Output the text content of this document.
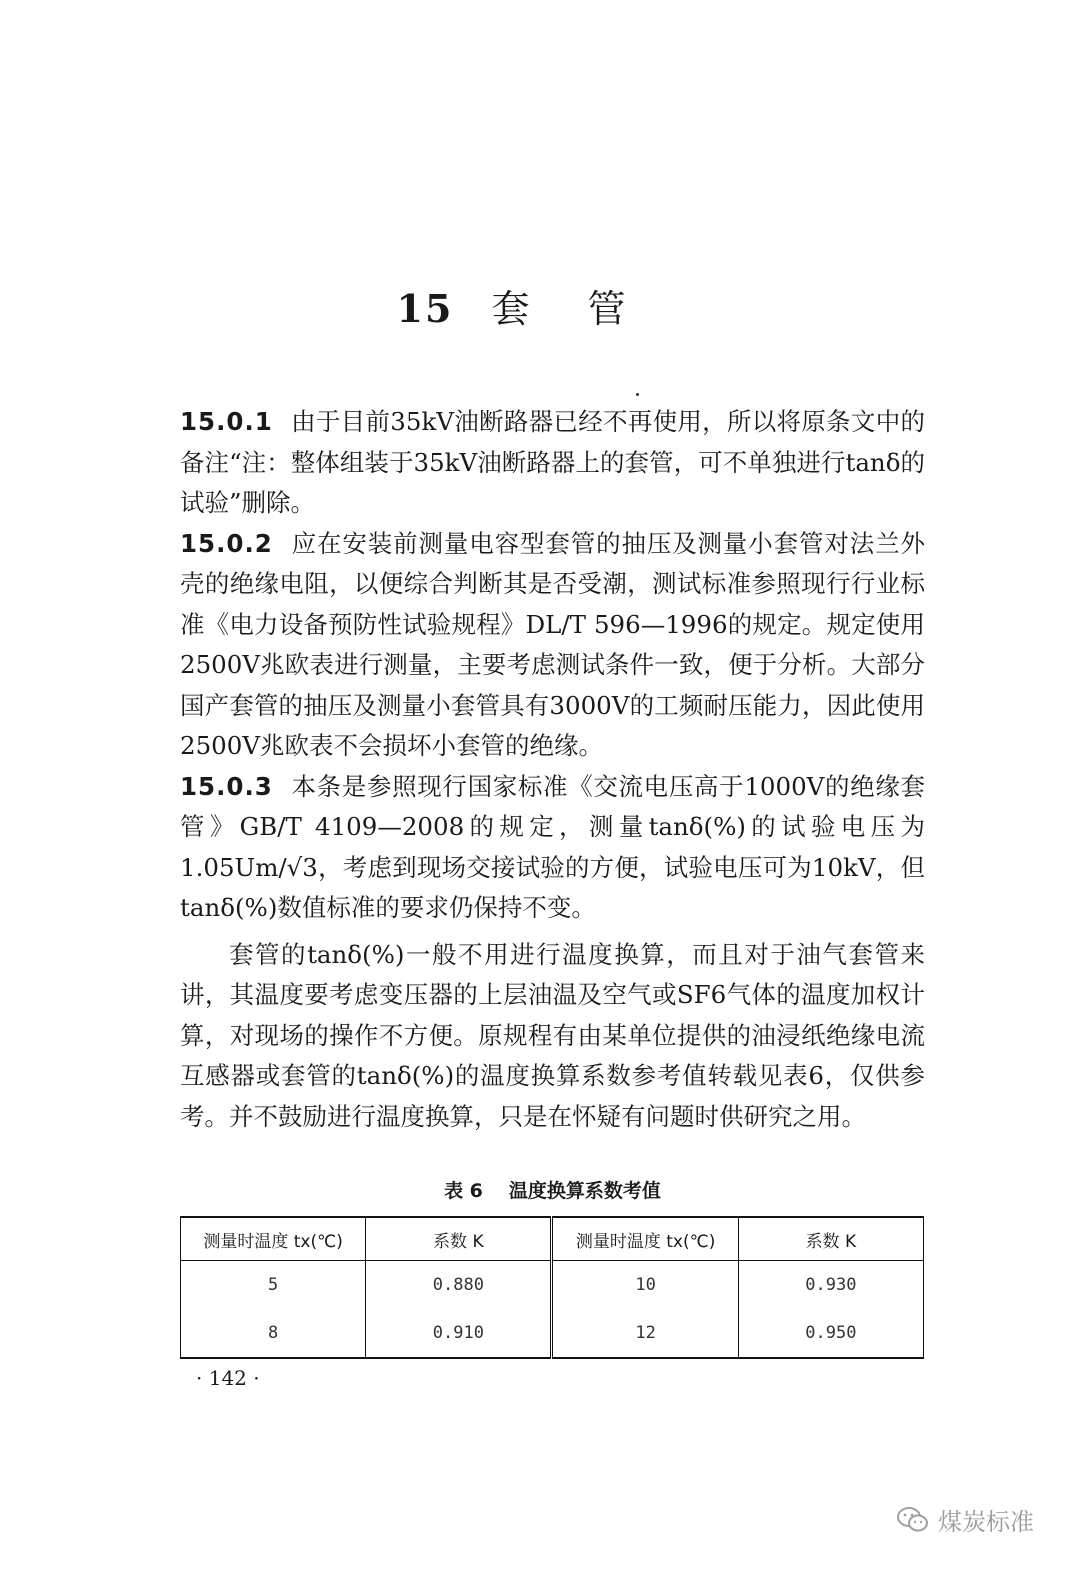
15 套管

15.0.1 由于目前35kV油断路器已经不再使用，所以将原条文中的备注“注：整体组装于35kV油断路器上的套管，可不单独进行tanδ的试验”删除。

15.0.2 应在安装前测量电容型套管的抽压及测量小套管对法兰外壳的绝缘电阻，以便综合判断其是否受潮，测试标准参照现行行业标准《电力设备预防性试验规程》DL/T 596—1996的规定。规定使用2500V兆欧表进行测量，主要考虑测试条件一致，便于分析。大部分国产套管的抽压及测量小套管具有3000V的工频耐压能力，因此使用2500V兆欧表不会损坏小套管的绝缘。

15.0.3 本条是参照现行国家标准《交流电压高于1000V的绝缘套管》GB/T 4109—2008的规定，测量tanδ(%)的试验电压为1.05Um/√3，考虑到现场交接试验的方便，试验电压可为10kV，但tanδ(%)数值标准的要求仍保持不变。

套管的tanδ(%)一般不用进行温度换算，而且对于油气套管来讲，其温度要考虑变压器的上层油温及空气或SF6气体的温度加权计算，对现场的操作不方便。原规程有由某单位提供的油浸纸绝缘电流互感器或套管的tanδ(%)的温度换算系数参考值转载见表6，仅供参考。并不鼓励进行温度换算，只是在怀疑有问题时供研究之用。

表 6 温度换算系数考值
测量时温度 tx(℃)	系数 K	测量时温度 tx(℃)	系数 K
5	0.880	10	0.930
8	0.910	12	0.950
· 142 ·
煤炭标准
